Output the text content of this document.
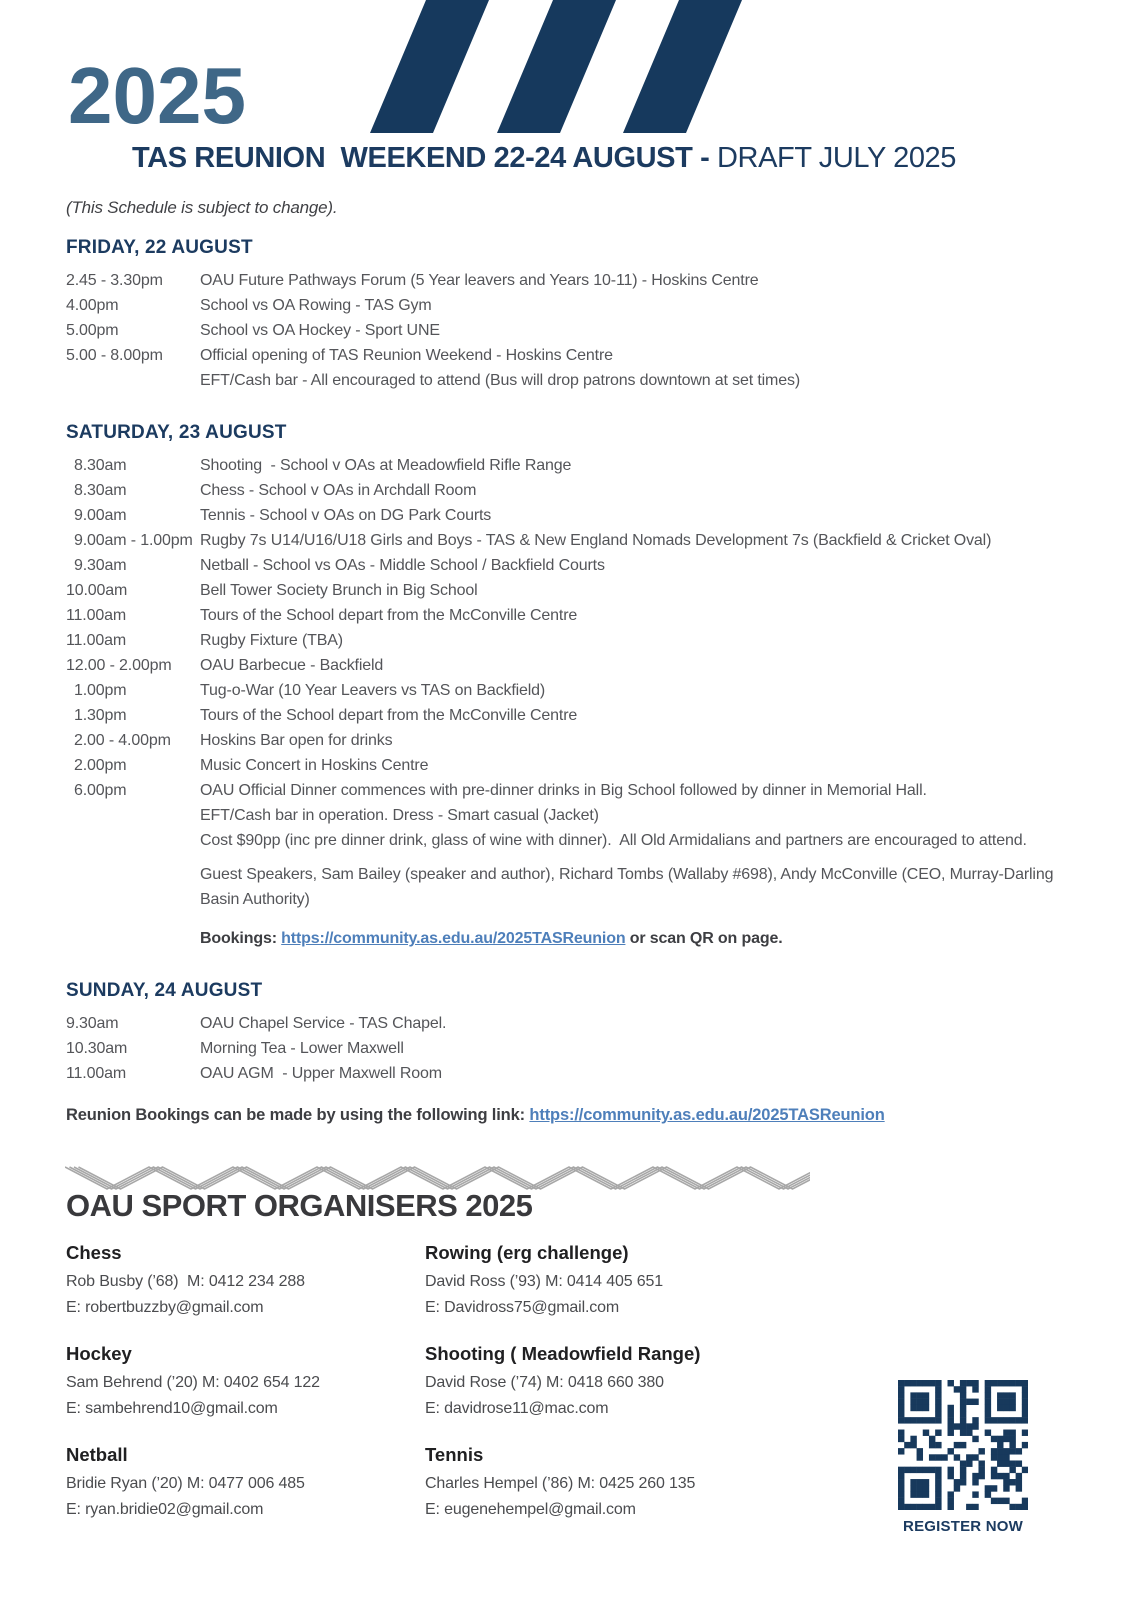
2025
TAS REUNION  WEEKEND 22-24 AUGUST - DRAFT JULY 2025
(This Schedule is subject to change).
FRIDAY, 22 AUGUST
2.45 - 3.30pm	OAU Future Pathways Forum (5 Year leavers and Years 10-11) - Hoskins Centre
4.00pm	School vs OA Rowing - TAS Gym
5.00pm	School vs OA Hockey - Sport UNE
5.00 - 8.00pm	Official opening of TAS Reunion Weekend - Hoskins Centre
EFT/Cash bar - All encouraged to attend (Bus will drop patrons downtown at set times)
SATURDAY, 23 AUGUST
8.30am	Shooting  - School v OAs at Meadowfield Rifle Range
8.30am	Chess - School v OAs in Archdall Room
9.00am	Tennis - School v OAs on DG Park Courts
9.00am - 1.00pm Rugby 7s U14/U16/U18 Girls and Boys - TAS & New England Nomads Development 7s (Backfield & Cricket Oval)
9.30am	Netball - School vs OAs - Middle School / Backfield Courts
10.00am	Bell Tower Society Brunch in Big School
11.00am	Tours of the School depart from the McConville Centre
11.00am	Rugby Fixture (TBA)
12.00 - 2.00pm	OAU Barbecue - Backfield
1.00pm	Tug-o-War (10 Year Leavers vs TAS on Backfield)
1.30pm	Tours of the School depart from the McConville Centre
2.00 - 4.00pm	Hoskins Bar open for drinks
2.00pm	Music Concert in Hoskins Centre
6.00pm	OAU Official Dinner commences with pre-dinner drinks in Big School followed by dinner in Memorial Hall.
EFT/Cash bar in operation. Dress - Smart casual (Jacket)
Cost $90pp (inc pre dinner drink, glass of wine with dinner).  All Old Armidalians and partners are encouraged to attend.
Guest Speakers, Sam Bailey (speaker and author), Richard Tombs (Wallaby #698), Andy McConville (CEO, Murray-Darling Basin Authority)
Bookings: https://community.as.edu.au/2025TASReunion or scan QR on page.
SUNDAY, 24 AUGUST
9.30am	OAU Chapel Service - TAS Chapel.
10.30am	Morning Tea - Lower Maxwell
11.00am	OAU AGM  - Upper Maxwell Room

Reunion Bookings can be made by using the following link: https://community.as.edu.au/2025TASReunion

OAU SPORT ORGANISERS 2025
Chess
Rob Busby (’68)  M: 0412 234 288
E: robertbuzzby@gmail.com
Hockey
Sam Behrend (’20) M: 0402 654 122
E: sambehrend10@gmail.com
Netball
Bridie Ryan (’20) M: 0477 006 485
E: ryan.bridie02@gmail.com
Rowing (erg challenge)
David Ross (’93) M: 0414 405 651
E: Davidross75@gmail.com
Shooting ( Meadowfield Range)
David Rose (’74) M: 0418 660 380
E: davidrose11@mac.com
Tennis
Charles Hempel (’86) M: 0425 260 135
E: eugenehempel@gmail.com
REGISTER NOW
